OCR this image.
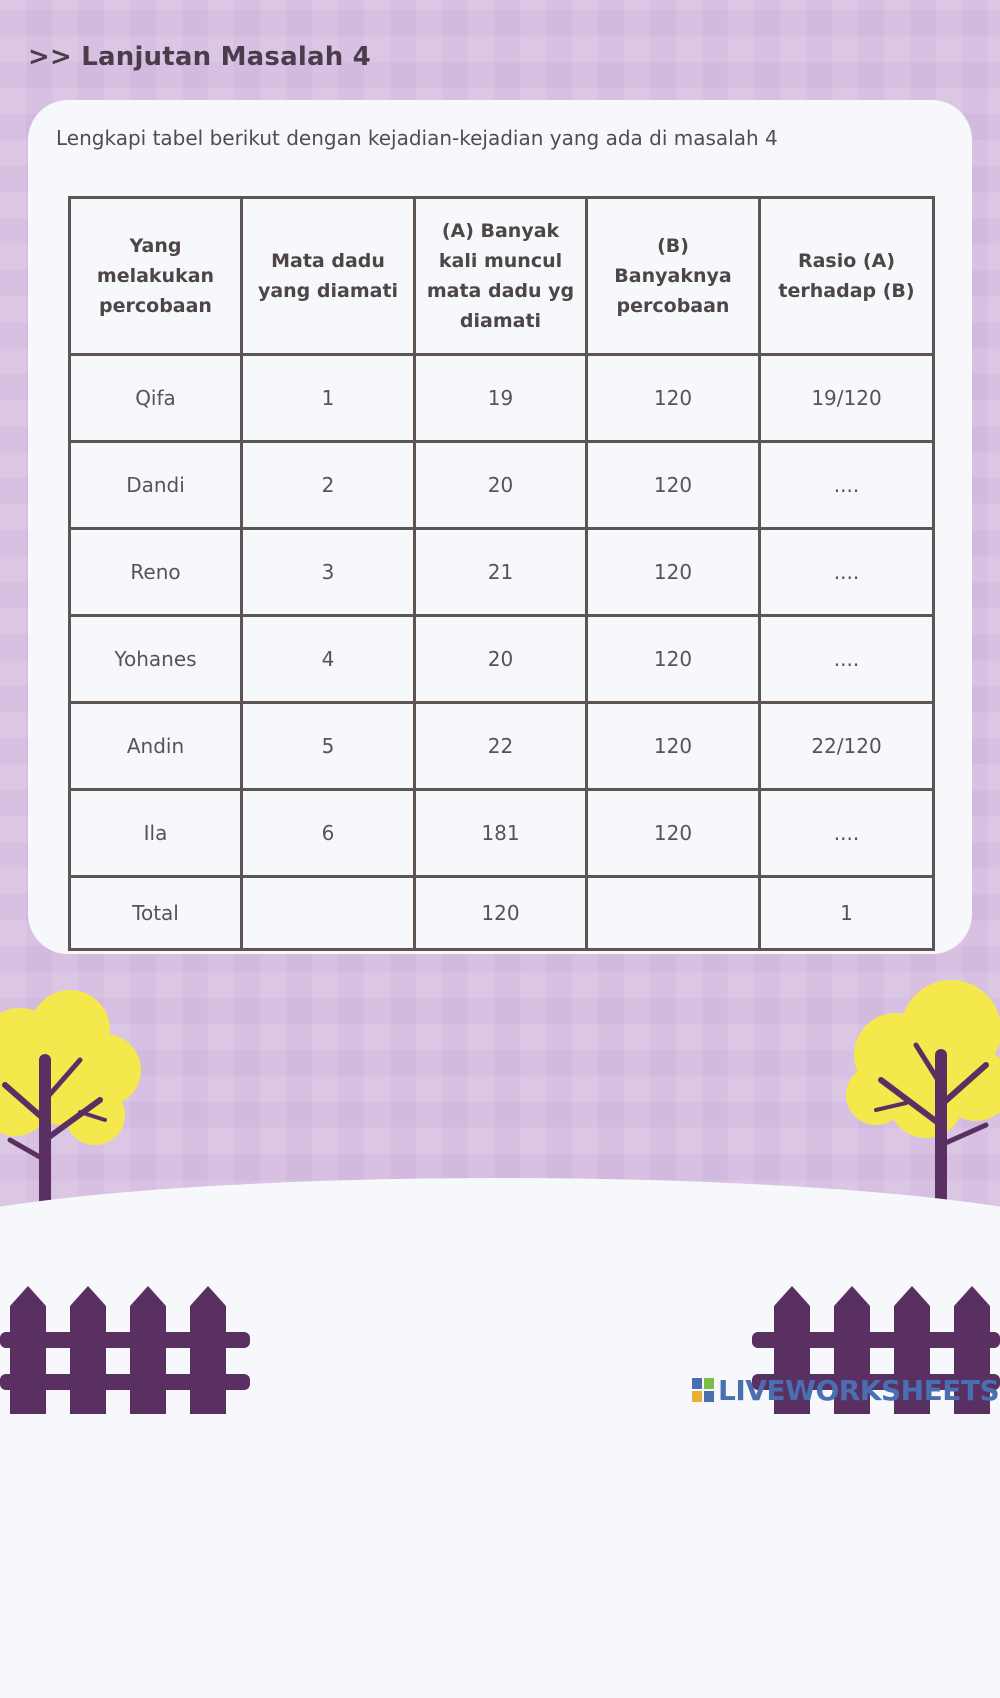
>> Lanjutan Masalah 4
Lengkapi tabel berikut dengan kejadian-kejadian yang ada di masalah 4
Yang melakukan percobaan	Mata dadu yang diamati	(A) Banyak kali muncul mata dadu yg diamati	(B) Banyaknya percobaan	Rasio (A) terhadap (B)
Qifa	1	19	120	19/120
Dandi	2	20	120	....
Reno	3	21	120	....
Yohanes	4	20	120	....
Andin	5	22	120	22/120
Ila	6	181	120	....
Total		120		1
LIVEWORKSHEETS
